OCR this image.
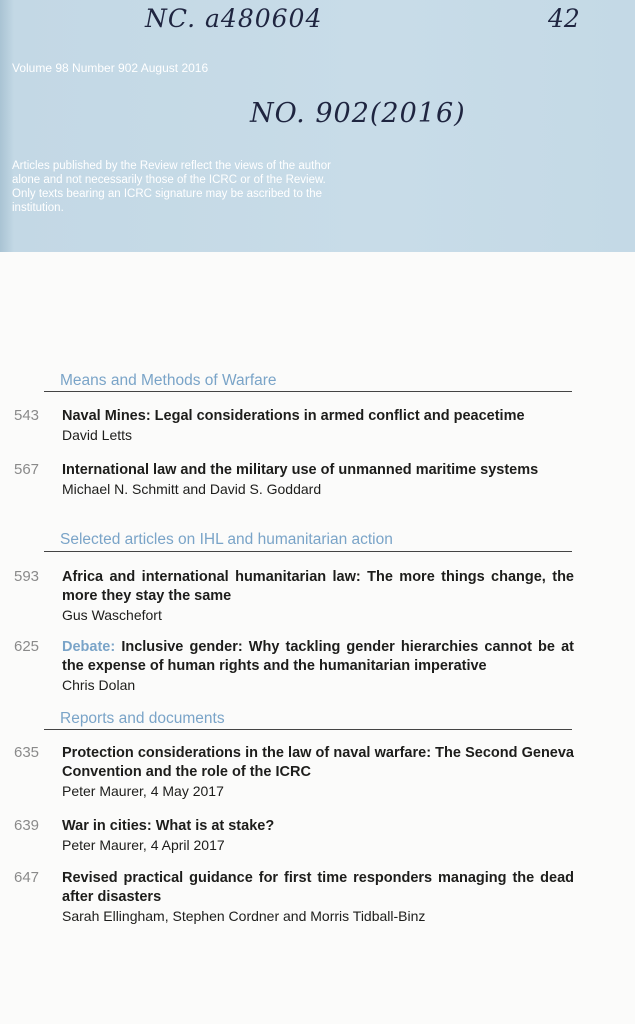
NC. a480604	42
Volume 98 Number 902 August 2016
NO. 902(2016)
Articles published by the Review reflect the views of the author alone and not necessarily those of the ICRC or of the Review. Only texts bearing an ICRC signature may be ascribed to the institution.
Means and Methods of Warfare
543 Naval Mines: Legal considerations in armed conflict and peacetime
David Letts
567 International law and the military use of unmanned maritime systems
Michael N. Schmitt and David S. Goddard
Selected articles on IHL and humanitarian action
593 Africa and international humanitarian law: The more things change, the more they stay the same
Gus Waschefort
625 Debate: Inclusive gender: Why tackling gender hierarchies cannot be at the expense of human rights and the humanitarian imperative
Chris Dolan
Reports and documents
635 Protection considerations in the law of naval warfare: The Second Geneva Convention and the role of the ICRC
Peter Maurer, 4 May 2017
639 War in cities: What is at stake?
Peter Maurer, 4 April 2017
647 Revised practical guidance for first time responders managing the dead after disasters
Sarah Ellingham, Stephen Cordner and Morris Tidball-Binz
